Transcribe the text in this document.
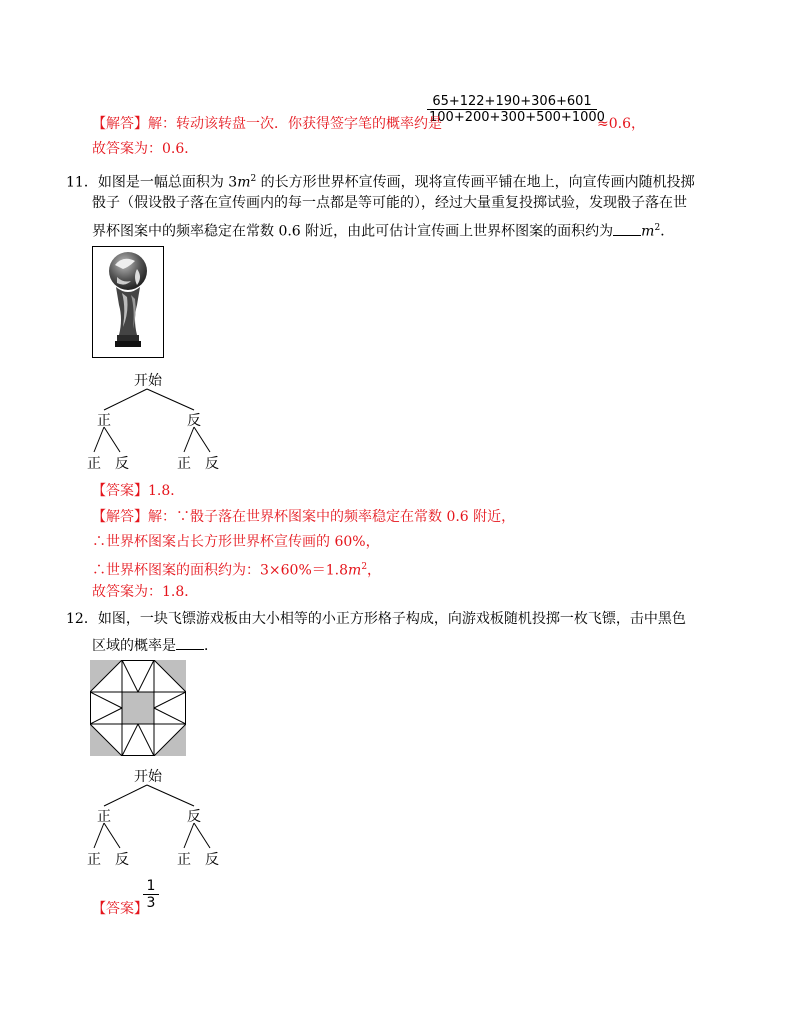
65+122+190+306+601
100+200+300+500+1000
【解答】解：转动该转盘一次．你获得签字笔的概率约是	≈0.6，
故答案为：0.6．
11．如图是一幅总面积为 $3m^2$ 的长方形世界杯宣传画，现将宣传画平铺在地上，向宣传画内随机投掷
骰子（假设骰子落在宣传画内的每一点都是等可能的），经过大量重复投掷试验，发现骰子落在世
界杯图案中的频率稳定在常数 0.6 附近，由此可估计宣传画上世界杯图案的面积约为 $m^2$．
开始
正	反
正 反	正 反
【答案】1.8．
【解答】解：∵骰子落在世界杯图案中的频率稳定在常数 0.6 附近，
∴世界杯图案占长方形世界杯宣传画的 60%，
∴世界杯图案的面积约为：$3\times 60\%=1.8m^2$，
故答案为：1.8．
12．如图，一块飞镖游戏板由大小相等的小正方形格子构成，向游戏板随机投掷一枚飞镖，击中黑色
区域的概率是 ．
开始
正	反
正 反	正 反
【答案】
1
3
